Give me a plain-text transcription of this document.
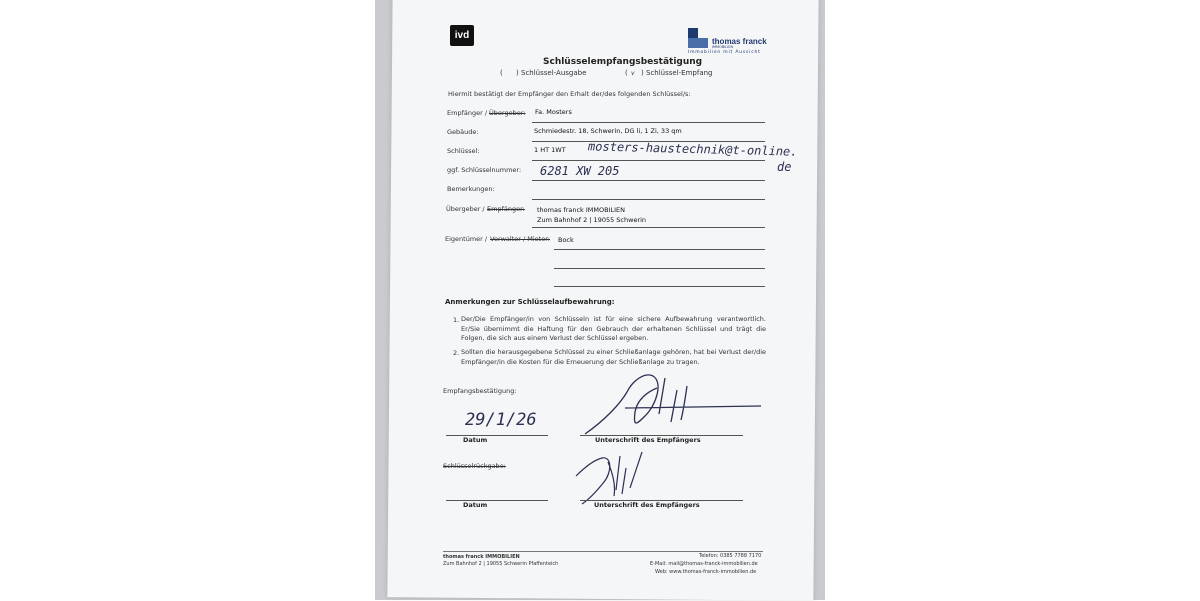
ivd
thomas franck
IMMOBILIEN
Immobilien mit Aussicht
Schlüsselempfangsbestätigung
( ) Schlüssel-Ausgabe	( v ) Schlüssel-Empfang
Hiermit bestätigt der Empfänger den Erhalt der/des folgenden Schlüssel/s:
Empfänger / Übergeber: Fa. Mosters
Gebäude:	Schmiedestr. 18, Schwerin, DG li, 1 Zi, 33 qm
Schlüssel:	1 HT 1WT mosters-haustechnik@t-online.
de
ggf. Schlüsselnummer: 6281 XW 205
Bemerkungen:
Übergeber / Empfänger: thomas franck IMMOBILIEN
Zum Bahnhof 2 | 19055 Schwerin
Eigentümer / Verwalter / Mieter: Bock
Anmerkungen zur Schlüsselaufbewahrung:
1. Der/Die Empfänger/in von Schlüsseln ist für eine sichere Aufbewahrung verantwortlich. Er/Sie übernimmt die Haftung für den Gebrauch der erhaltenen Schlüssel und trägt die Folgen, die sich aus einem Verlust der Schlüssel ergeben.
2. Sollten die herausgegebene Schlüssel zu einer Schließanlage gehören, hat bei Verlust der/die Empfänger/in die Kosten für die Erneuerung der Schließanlage zu tragen.
Empfangsbestätigung:
29/1/26
Datum	Unterschrift des Empfängers
Schlüsselrückgabe:
Datum	Unterschrift des Empfängers
thomas franck IMMOBILIEN
Zum Bahnhof 2 | 19055 Schwerin Pfaffenteich
Telefon: 0385 7788 7170
E-Mail: mail@thomas-franck-immobilien.de
Web: www.thomas-franck-immobilien.de
